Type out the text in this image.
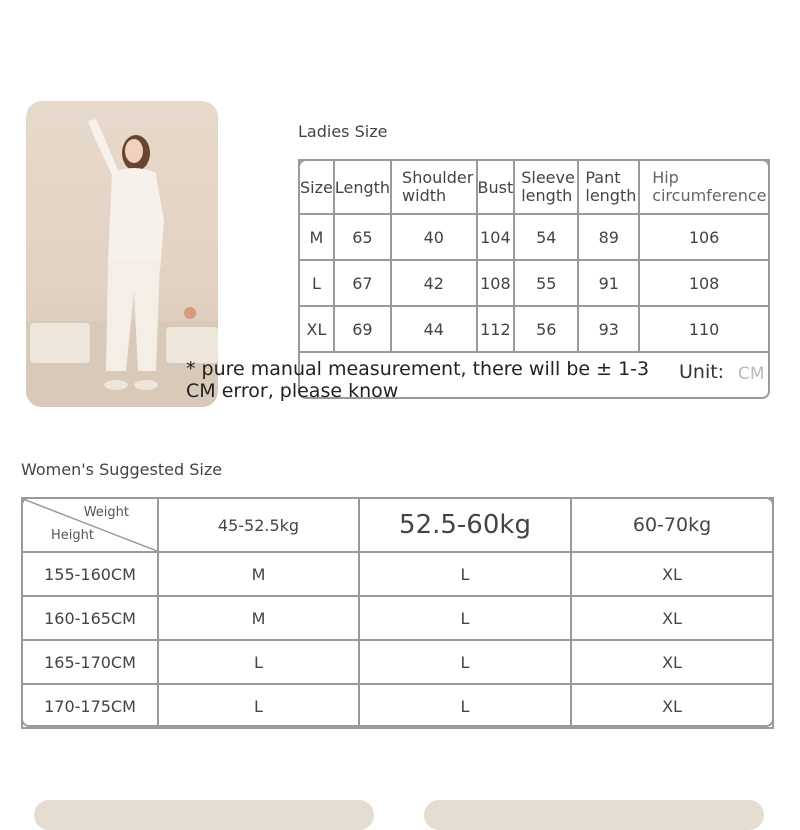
Ladies Size
Size	Length	Shoulder width	Bust	Sleeve length	Pant length	Hip circumference
M	65	40	104	54	89	106
L	67	42	108	55	91	108
XL	69	44	112	56	93	110
* pure manual measurement, there will be ± 1-3 CM error, please know
Unit: CM
Women's Suggested Size
Weight
Height	45-52.5kg	52.5-60kg	60-70kg
155-160CM	M	L	XL
160-165CM	M	L	XL
165-170CM	L	L	XL
170-175CM	L	L	XL
